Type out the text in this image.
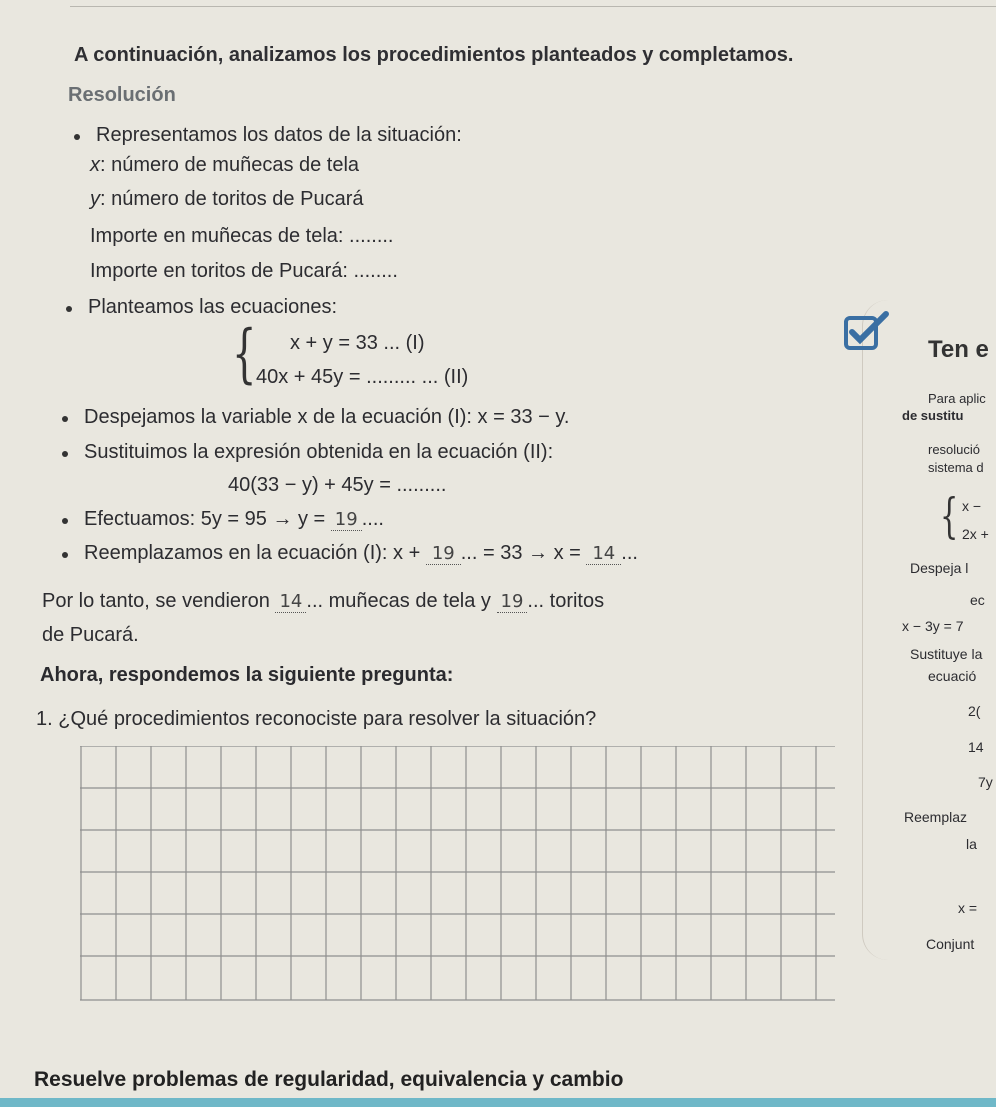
A continuación, analizamos los procedimientos planteados y completamos.
Resolución
Representamos los datos de la situación:
x: número de muñecas de tela
y: número de toritos de Pucará
Importe en muñecas de tela: ........
Importe en toritos de Pucará: ........
Planteamos las ecuaciones:
{ x + y = 33 ... (I)
40x + 45y = ......... ... (II)
Despejamos la variable x de la ecuación (I): x = 33 − y.
Sustituimos la expresión obtenida en la ecuación (II):
40(33 − y) + 45y = .........
Efectuamos: 5y = 95 → y = 19 ....
Reemplazamos en la ecuación (I): x + 19 ... = 33 → x = 14 ...
Por lo tanto, se vendieron 14 ... muñecas de tela y 19 ... toritos
de Pucará.
Ahora, respondemos la siguiente pregunta:
1. ¿Qué procedimientos reconociste para resolver la situación?
Ten e
Para aplic
de sustitu
resolució
sistema d
{ x −
2x +
Despeja l
ec
x − 3y = 7
Sustituye la
ecuació
2(
14
7y
Reemplaz
la
x =
Conjunt
Resuelve problemas de regularidad, equivalencia y cambio
